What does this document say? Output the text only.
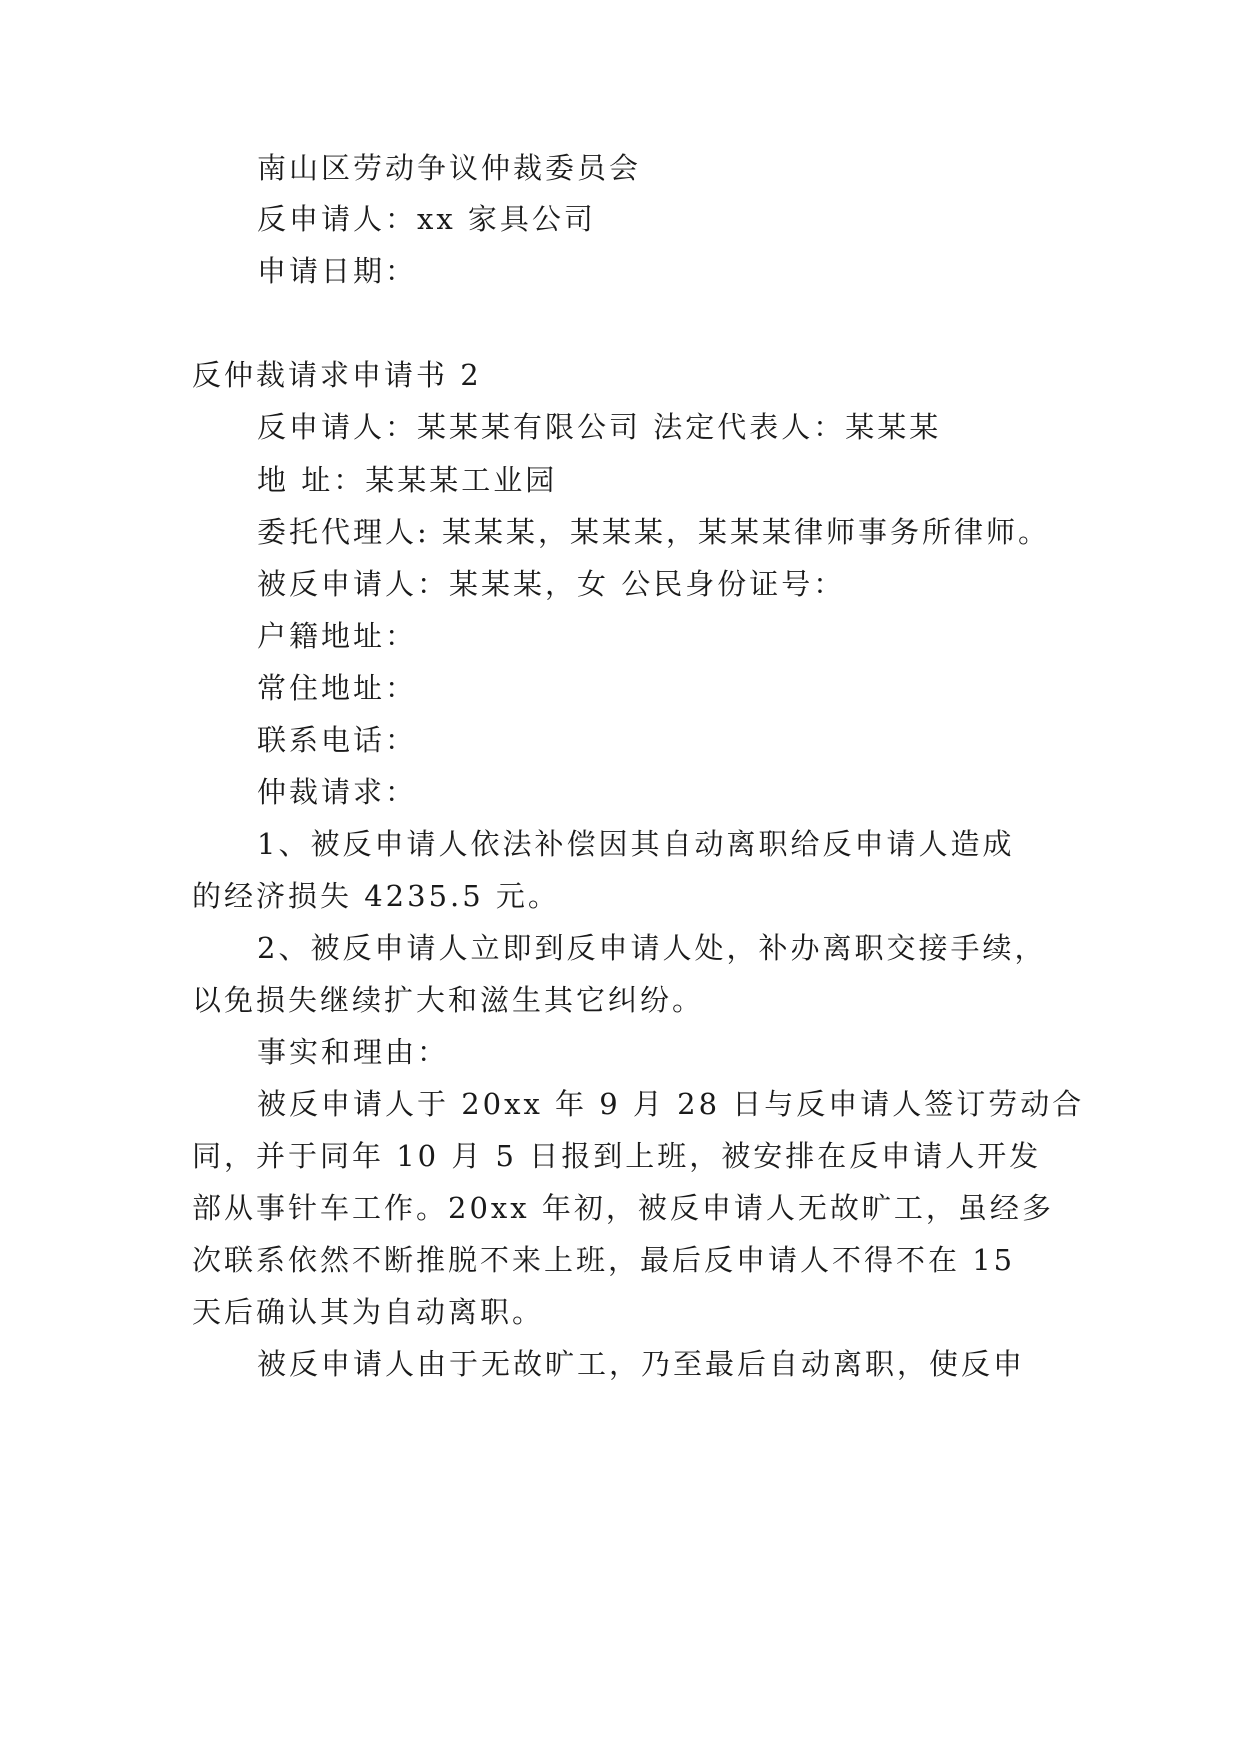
南山区劳动争议仲裁委员会
反申请人：xx 家具公司
申请日期：
反仲裁请求申请书 2
反申请人：某某某有限公司 法定代表人：某某某
地 址：某某某工业园
委托代理人: 某某某，某某某，某某某律师事务所律师。
被反申请人：某某某，女 公民身份证号：
户籍地址：
常住地址：
联系电话：
仲裁请求：
1、被反申请人依法补偿因其自动离职给反申请人造成
的经济损失 4235.5 元。
2、被反申请人立即到反申请人处，补办离职交接手续，
以免损失继续扩大和滋生其它纠纷。
事实和理由：
被反申请人于 20xx 年 9 月 28 日与反申请人签订劳动合
同，并于同年 10 月 5 日报到上班，被安排在反申请人开发
部从事针车工作。20xx 年初，被反申请人无故旷工，虽经多
次联系依然不断推脱不来上班，最后反申请人不得不在 15
天后确认其为自动离职。
被反申请人由于无故旷工，乃至最后自动离职，使反申
